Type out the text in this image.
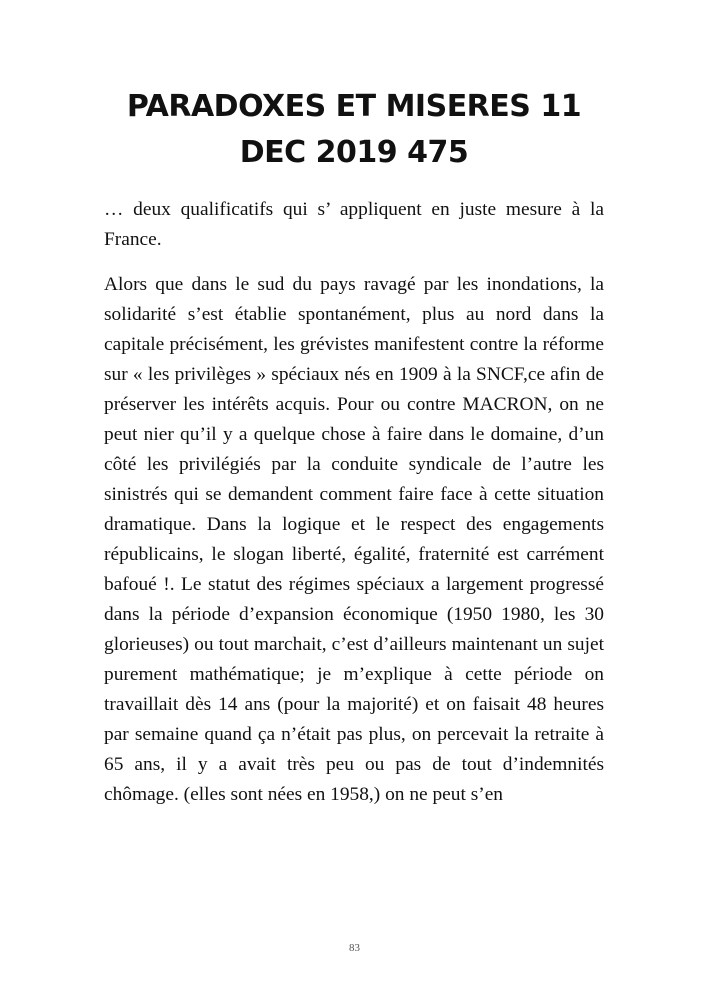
PARADOXES ET MISERES 11
DEC 2019 475

… deux qualificatifs qui s’ appliquent en juste mesure à la France.

Alors que dans le sud du pays ravagé par les inondations, la solidarité s’est établie spontanément, plus au nord dans la capitale précisément, les grévistes manifestent contre la réforme sur « les privilèges » spéciaux nés en 1909 à la SNCF,ce afin de préserver les intérêts acquis. Pour ou contre MACRON, on ne peut nier qu’il y a quelque chose à faire dans le domaine, d’un côté les privilégiés par la conduite syndicale de l’autre les sinistrés qui se demandent comment faire face à cette situation dramatique. Dans la logique et le respect des engagements républicains, le slogan liberté, égalité, fraternité est carrément bafoué !. Le statut des régimes spéciaux a largement progressé dans la période d’expansion économique (1950 1980, les 30 glorieuses) ou tout marchait, c’est d’ailleurs maintenant un sujet purement mathématique; je m’explique à cette période on travaillait dès 14 ans (pour la majorité) et on faisait 48 heures par semaine quand ça n’était pas plus, on percevait la retraite à 65 ans, il y a avait très peu ou pas de tout d’indemnités chômage. (elles sont nées en 1958,) on ne peut s’en

83
